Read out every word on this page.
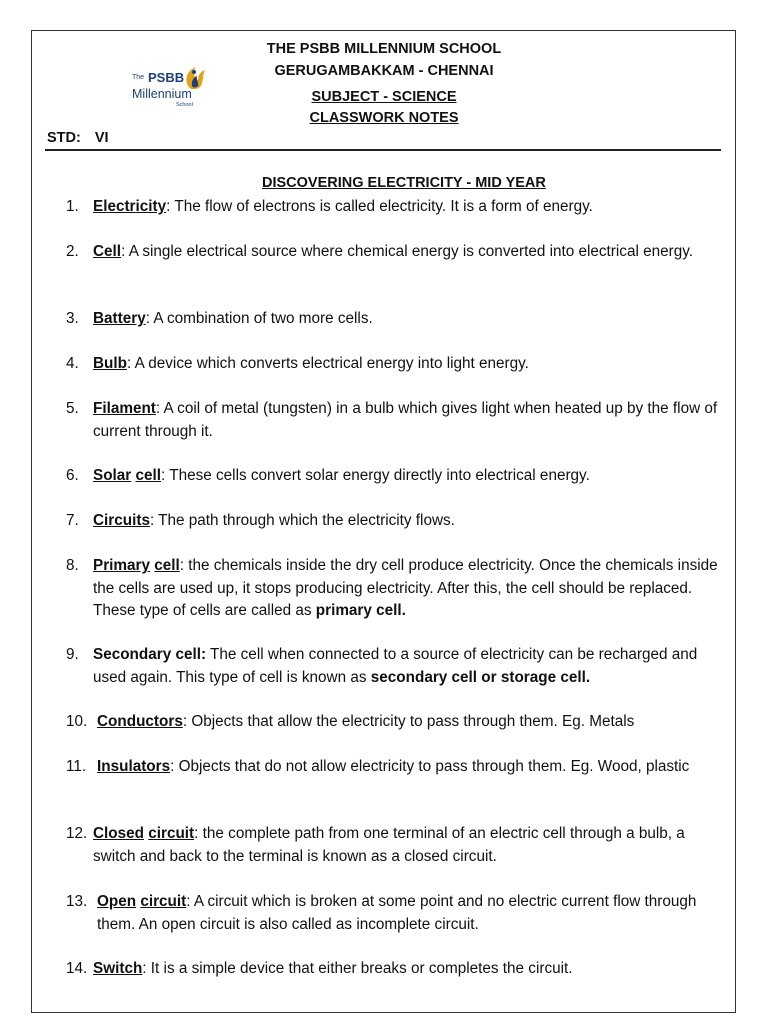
THE PSBB MILLENNIUM SCHOOL
GERUGAMBAKKAM - CHENNAI
SUBJECT - SCIENCE
CLASSWORK NOTES
The PSBB
Millennium
School
STD: VI
DISCOVERING ELECTRICITY - MID YEAR
1. Electricity: The flow of electrons is called electricity. It is a form of energy.
2. Cell: A single electrical source where chemical energy is converted into electrical energy.
3. Battery: A combination of two more cells.
4. Bulb: A device which converts electrical energy into light energy.
5. Filament: A coil of metal (tungsten) in a bulb which gives light when heated up by the flow of current through it.
6. Solar cell: These cells convert solar energy directly into electrical energy.
7. Circuits: The path through which the electricity flows.
8. Primary cell: the chemicals inside the dry cell produce electricity. Once the chemicals inside the cells are used up, it stops producing electricity. After this, the cell should be replaced. These type of cells are called as primary cell.
9. Secondary cell: The cell when connected to a source of electricity can be recharged and used again. This type of cell is known as secondary cell or storage cell.
10. Conductors: Objects that allow the electricity to pass through them. Eg. Metals
11. Insulators: Objects that do not allow electricity to pass through them. Eg. Wood, plastic
12. Closed circuit: the complete path from one terminal of an electric cell through a bulb, a switch and back to the terminal is known as a closed circuit.
13. Open circuit: A circuit which is broken at some point and no electric current flow through them. An open circuit is also called as incomplete circuit.
14. Switch: It is a simple device that either breaks or completes the circuit.
